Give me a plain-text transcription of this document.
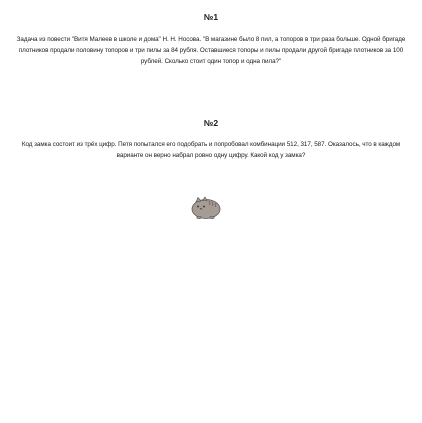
№1
Задача из повести "Витя Малеев в школе и дома" Н. Н. Носова. "В магазине было 8 пил, а топоров в три раза больше. Одной бригаде плотников продали половину топоров и три пилы за 84 рубля. Оставшиеся топоры и пилы продали другой бригаде плотников за 100 рублей. Сколько стоит один топор и одна пила?"
№2
Код замка состоит из трёх цифр. Петя попытался его подобрать и попробовал комбинации 512, 317, 587. Оказалось, что в каждом варианте он верно набрал ровно одну цифру. Какой код у замка?
